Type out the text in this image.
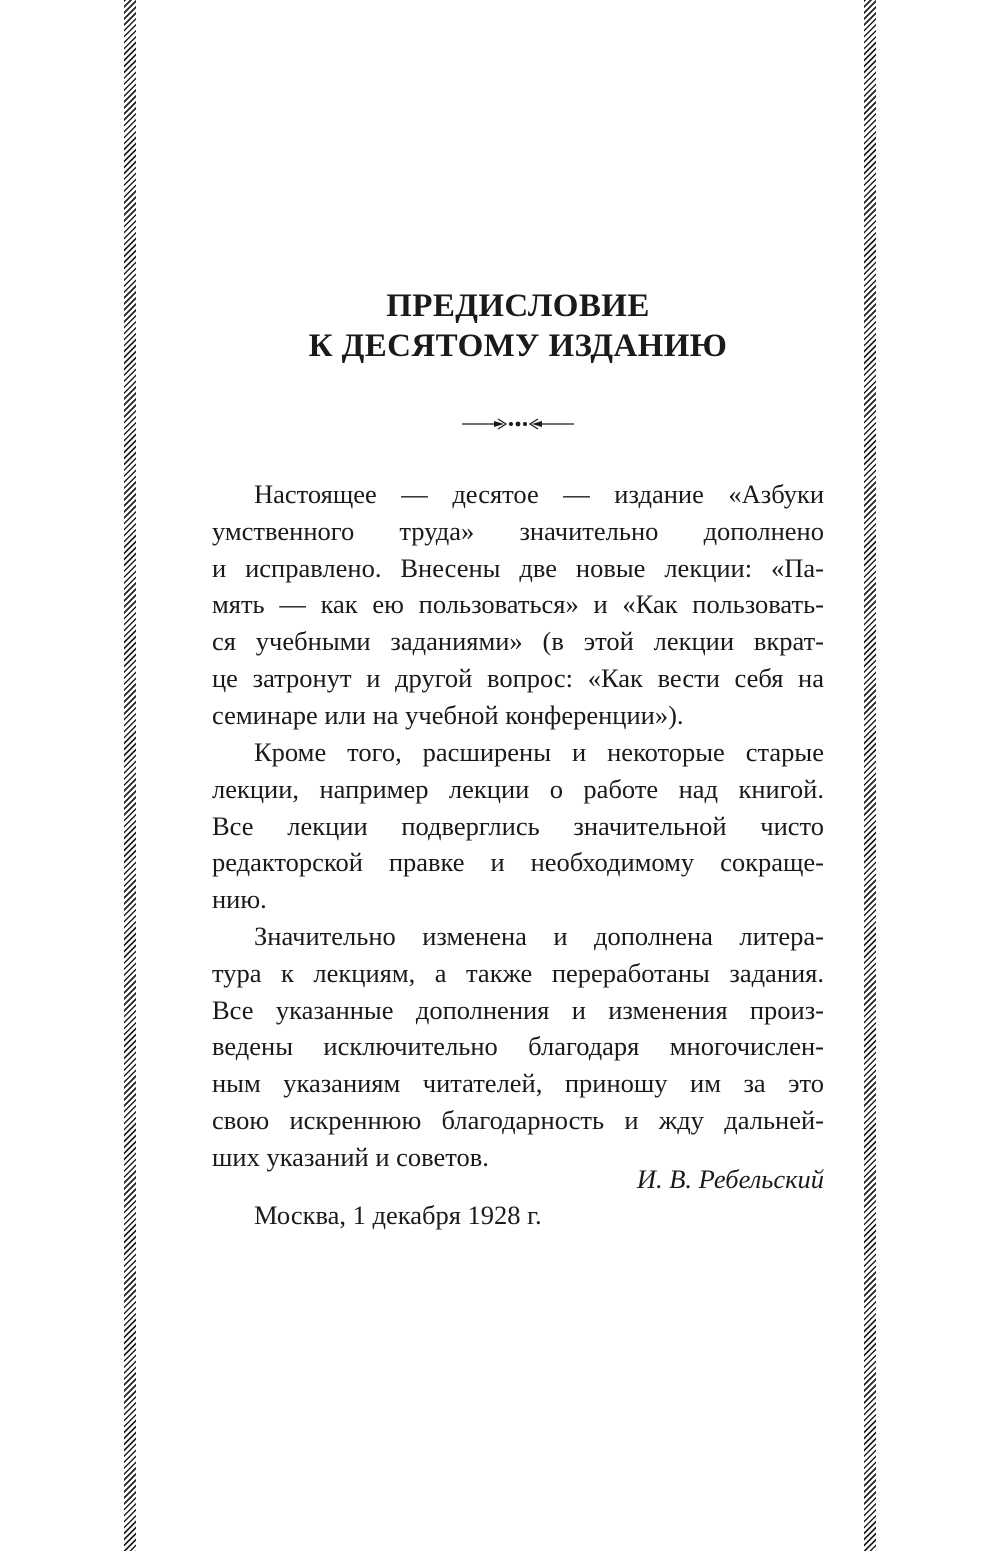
ПРЕДИСЛОВИЕ
К ДЕСЯТОМУ ИЗДАНИЮ
Настоящее — десятое — издание «Азбуки
умственного труда» значительно дополнено
и исправлено. Внесены две новые лекции: «Па-
мять — как ею пользоваться» и «Как пользовать-
ся учебными заданиями» (в этой лекции вкрат-
це затронут и другой вопрос: «Как вести себя на
семинаре или на учебной конференции»).
Кроме того, расширены и некоторые старые
лекции, например лекции о работе над книгой.
Все лекции подверглись значительной чисто
редакторской правке и необходимому сокраще-
нию.
Значительно изменена и дополнена литера-
тура к лекциям, а также переработаны задания.
Все указанные дополнения и изменения произ-
ведены исключительно благодаря многочислен-
ным указаниям читателей, приношу им за это
свою искреннюю благодарность и жду дальней-
ших указаний и советов.
И. В. Ребельский
Москва, 1 декабря 1928 г.
